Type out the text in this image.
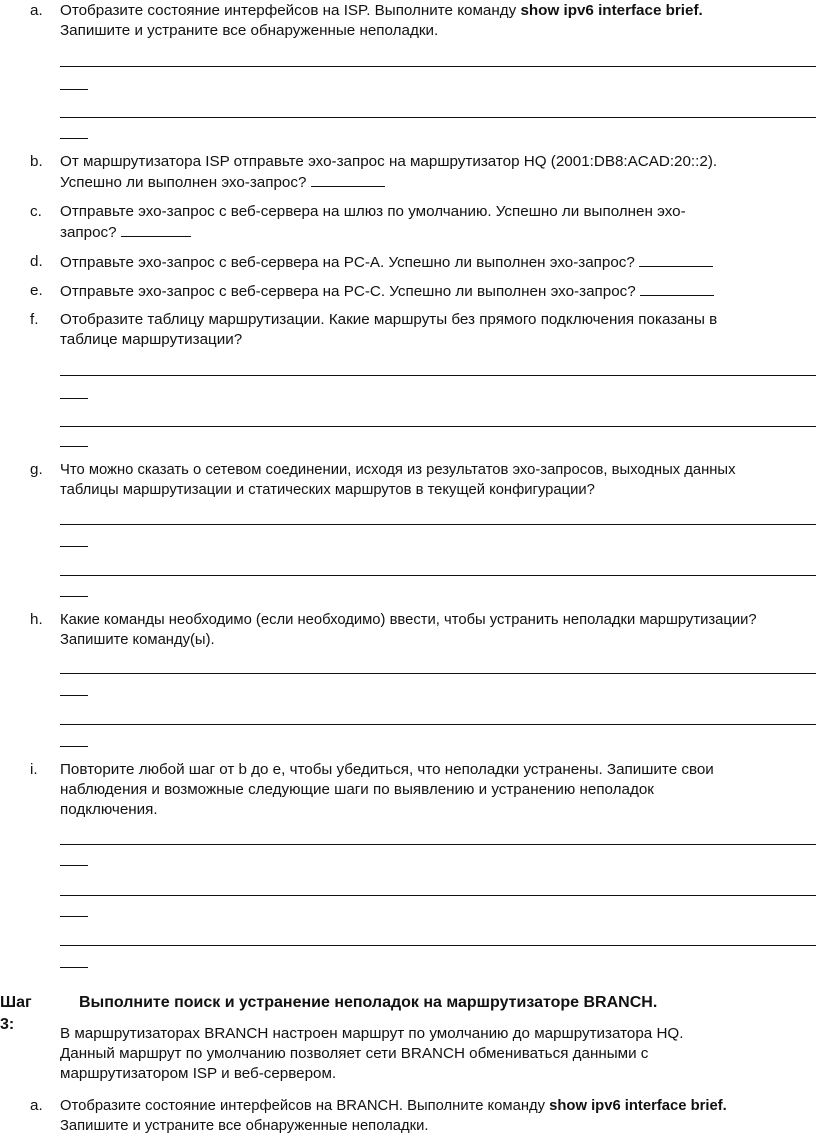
a. Отобразите состояние интерфейсов на ISP. Выполните команду show ipv6 interface brief.
Запишите и устраните все обнаруженные неполадки.
b. От маршрутизатора ISP отправьте эхо-запрос на маршрутизатор HQ (2001:DB8:ACAD:20::2).
Успешно ли выполнен эхо-запрос?
c. Отправьте эхо-запрос с веб-сервера на шлюз по умолчанию. Успешно ли выполнен эхо-
запрос?
d. Отправьте эхо-запрос с веб-сервера на PC-A. Успешно ли выполнен эхо-запрос?
e. Отправьте эхо-запрос с веб-сервера на PC-C. Успешно ли выполнен эхо-запрос?
f. Отобразите таблицу маршрутизации. Какие маршруты без прямого подключения показаны в
таблице маршрутизации?
g. Что можно сказать о сетевом соединении, исходя из результатов эхо-запросов, выходных данных
таблицы маршрутизации и статических маршрутов в текущей конфигурации?
h. Какие команды необходимо (если необходимо) ввести, чтобы устранить неполадки маршрутизации?
Запишите команду(ы).
i. Повторите любой шаг от b до e, чтобы убедиться, что неполадки устранены. Запишите свои
наблюдения и возможные следующие шаги по выявлению и устранению неполадок
подключения.
Шаг 3:
Выполните поиск и устранение неполадок на маршрутизаторе BRANCH.
В маршрутизаторах BRANCH настроен маршрут по умолчанию до маршрутизатора HQ.
Данный маршрут по умолчанию позволяет сети BRANCH обмениваться данными с
маршрутизатором ISP и веб-сервером.
a. Отобразите состояние интерфейсов на BRANCH. Выполните команду show ipv6 interface brief.
Запишите и устраните все обнаруженные неполадки.
